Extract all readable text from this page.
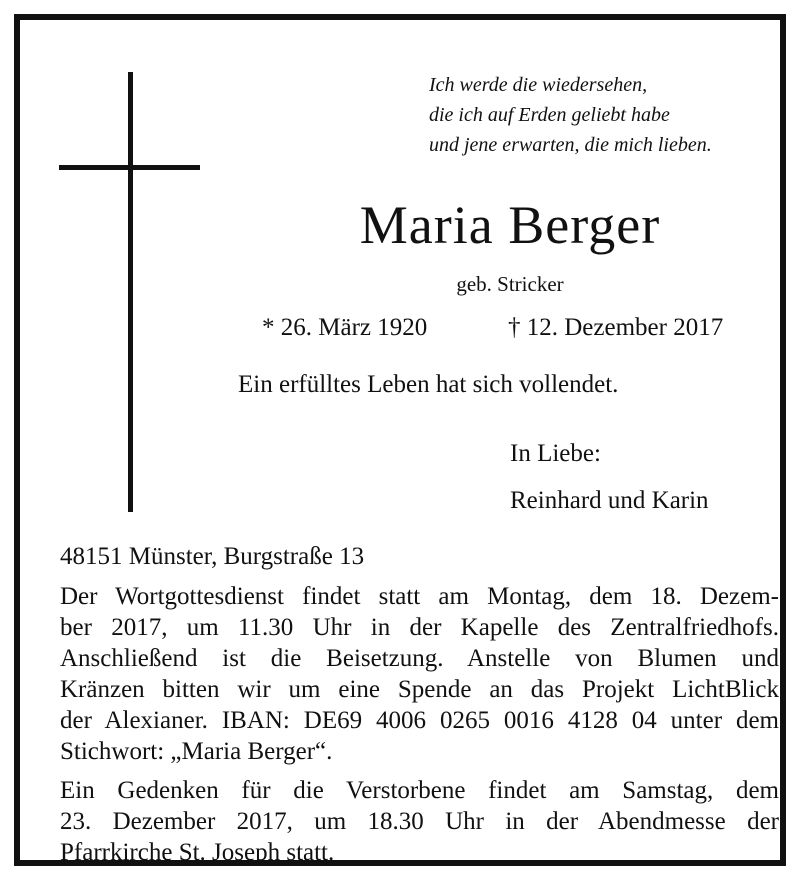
Ich werde die wiedersehen,
die ich auf Erden geliebt habe
und jene erwarten, die mich lieben.
Maria Berger
geb. Stricker
* 26. März 1920	† 12. Dezember 2017
Ein erfülltes Leben hat sich vollendet.
In Liebe:
Reinhard und Karin
48151 Münster, Burgstraße 13
Der Wortgottesdienst findet statt am Montag, dem 18. Dezem-
ber 2017, um 11.30 Uhr in der Kapelle des Zentralfriedhofs.
Anschließend ist die Beisetzung. Anstelle von Blumen und
Kränzen bitten wir um eine Spende an das Projekt LichtBlick
der Alexianer. IBAN: DE69 4006 0265 0016 4128 04 unter dem
Stichwort: „Maria Berger“.
Ein Gedenken für die Verstorbene findet am Samstag, dem
23. Dezember 2017, um 18.30 Uhr in der Abendmesse der
Pfarrkirche St. Joseph statt.
